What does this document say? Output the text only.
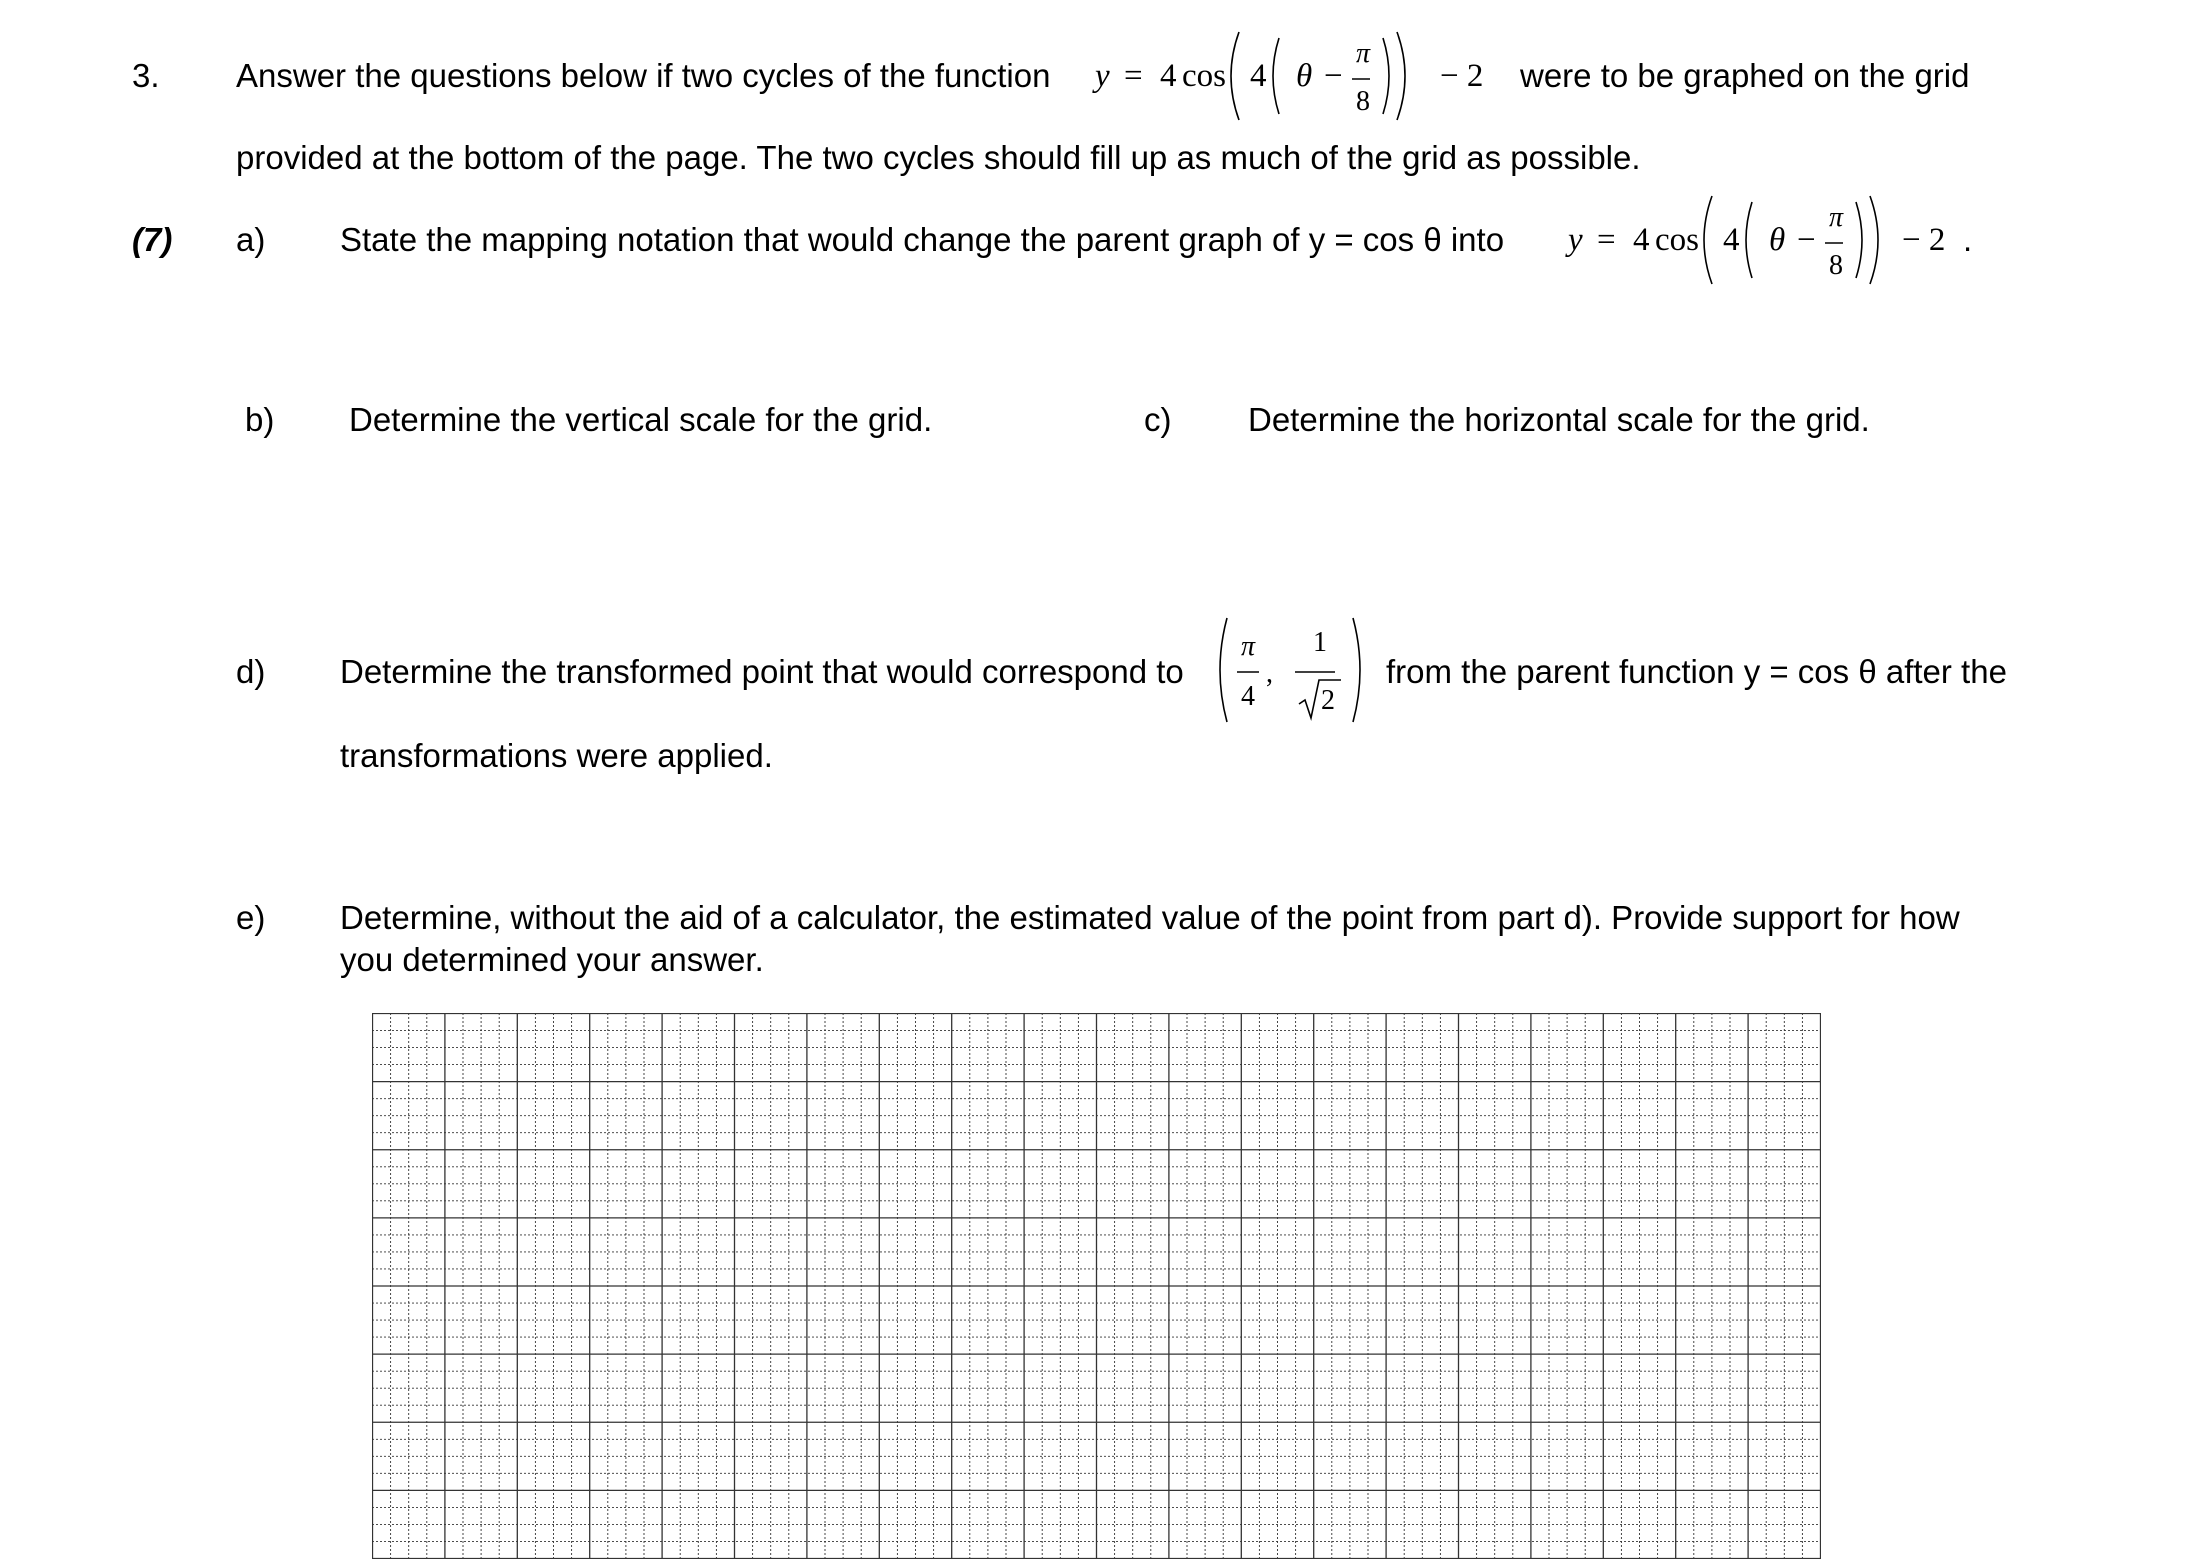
3. Answer the questions below if two cycles of the function y = 4 cos 4 θ −
π
8
− 2 were to be graphed on the grid
provided at the bottom of the page. The two cycles should fill up as much of the grid as possible.
(7) a) State the mapping notation that would change the parent graph of y = cos θ into y = 4 cos 4 θ −
π
8
− 2 .
b) Determine the vertical scale for the grid.	c) Determine the horizontal scale for the grid.
d) Determine the transformed point that would correspond to
π
4
,
1
2
from the parent function y = cos θ after the
transformations were applied.
e) Determine, without the aid of a calculator, the estimated value of the point from part d). Provide support for how
you determined your answer.
